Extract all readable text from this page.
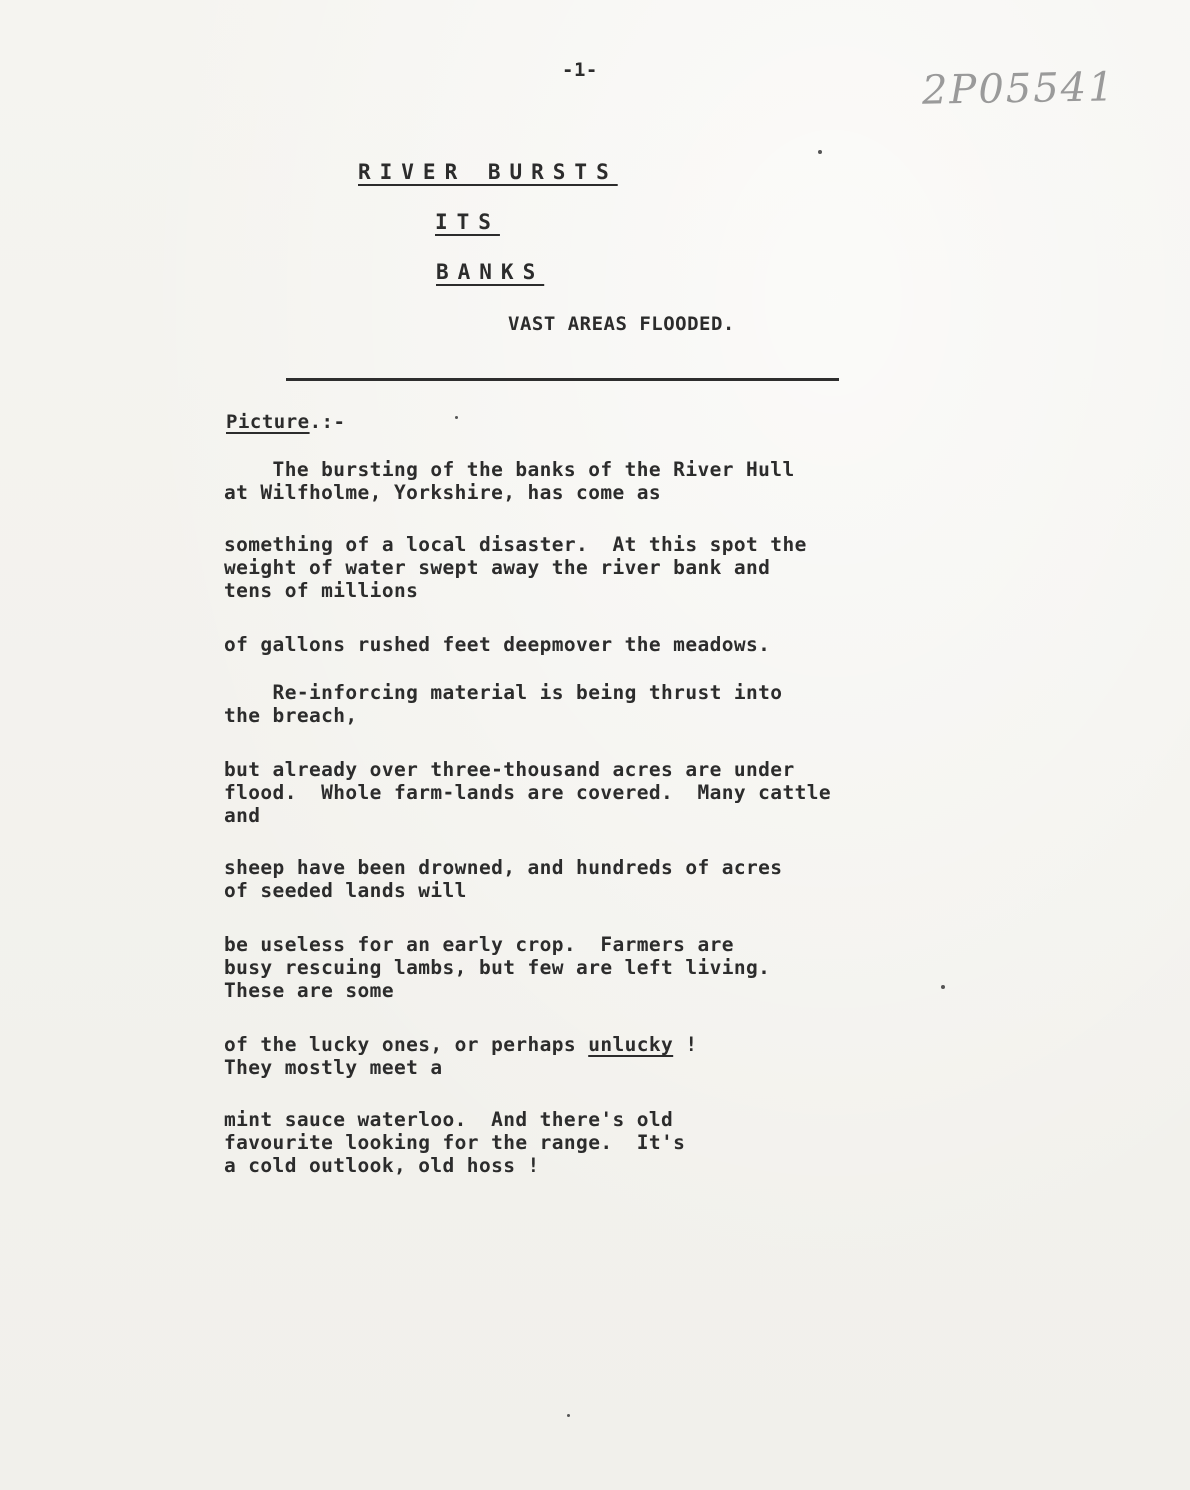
-1-	2P05541
RIVER BURSTS
ITS
BANKS
VAST AREAS FLOODED.
Picture.:-
The bursting of the banks of the River Hull
at Wilfholme, Yorkshire, has come as
something of a local disaster.  At this spot the
weight of water swept away the river bank and
tens of millions
of gallons rushed feet deepmover the meadows.
Re-inforcing material is being thrust into
the breach,
but already over three-thousand acres are under
flood.  Whole farm-lands are covered.  Many cattle
and
sheep have been drowned, and hundreds of acres
of seeded lands will
be useless for an early crop.  Farmers are
busy rescuing lambs, but few are left living.
These are some
of the lucky ones, or perhaps unlucky !
They mostly meet a
mint sauce waterloo.  And there's old
favourite looking for the range.  It's
a cold outlook, old hoss !
